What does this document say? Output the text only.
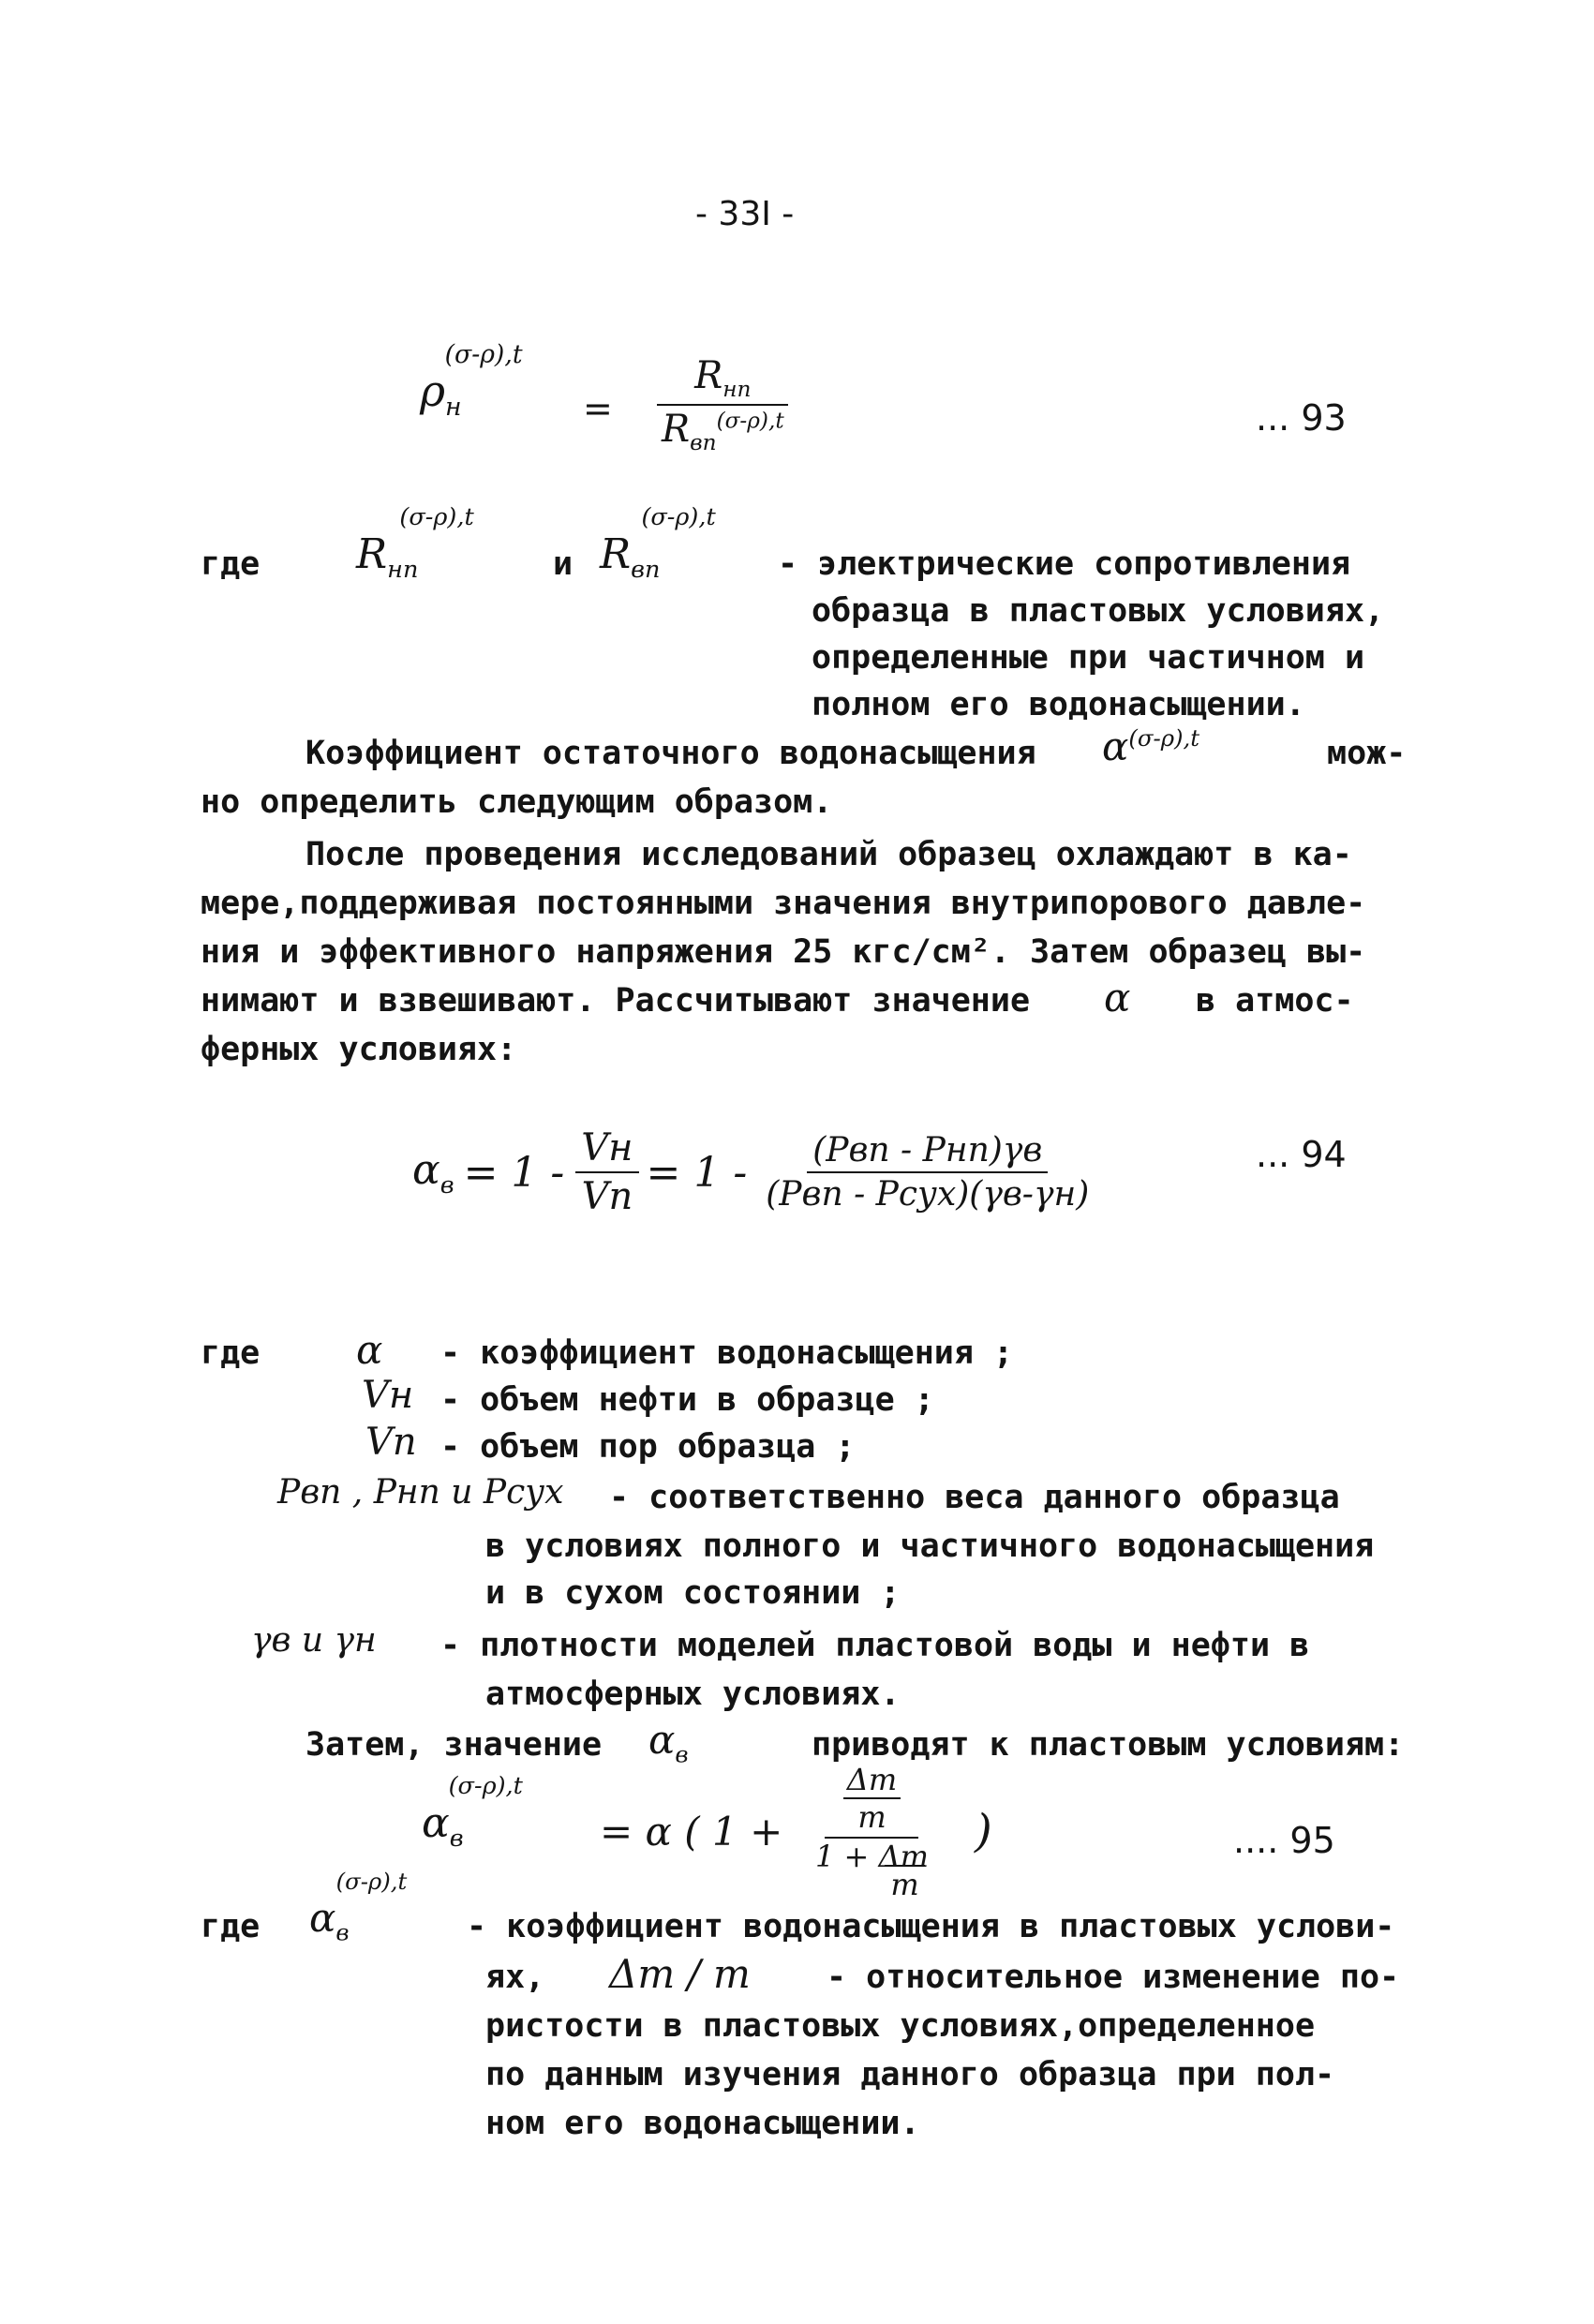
- 33I -
$\rho_н^{(\sigma-\rho),t}$
= $\frac{R_{нп}}{R_{вп}^{(\sigma-\rho),t}}$	... 93
где $R_{нп}^{(\sigma-\rho),t}$
и $R_{вп}^{(\sigma-\rho),t}$
- электрические сопротивления
образца в пластовых условиях,
определенные при частичном и
полном его водонасыщении.
Коэффициент остаточного водонасыщения $\alpha^{(\sigma-\rho),t}$	мож-
но определить следующим образом.
После проведения исследований образец охлаждают в ка-
мере,поддерживая постоянными значения внутрипорового давле-
ния и эффективного напряжения 25 кгс/см². Затем образец вы-
нимают и взвешивают. Рассчитывают значение α в атмос-
ферных условиях:
$\alpha_в = 1 - \frac{Vн}{Vп} = 1 - \frac{\text{(Pвп - Pнп)γв}}{\text{(Pвп - Pсух)(γв-γн)}}$	... 94
где α - коэффициент водонасыщения ;
Vн - объем нефти в образце ;
Vп - объем пор образца ;
Pвп , Pнп и Pсух - соответственно веса данного образца
в условиях полного и частичного водонасыщения
и в сухом состоянии ;
γв и γн - плотности моделей пластовой воды и нефти в
атмосферных условиях.
Затем, значение $\alpha_в$	приводят к пластовым условиям:
$\alpha_в^{(\sigma-\rho),t}$
= α ( 1 +
Δm
m
1 + Δm
m
)	.... 95
где $\alpha_в^{(\sigma-\rho),t}$
- коэффициент водонасыщения в пластовых услови-
ях, Δm / m - относительное изменение по-
ристости в пластовых условиях,определенное
по данным изучения данного образца при пол-
ном его водонасыщении.
